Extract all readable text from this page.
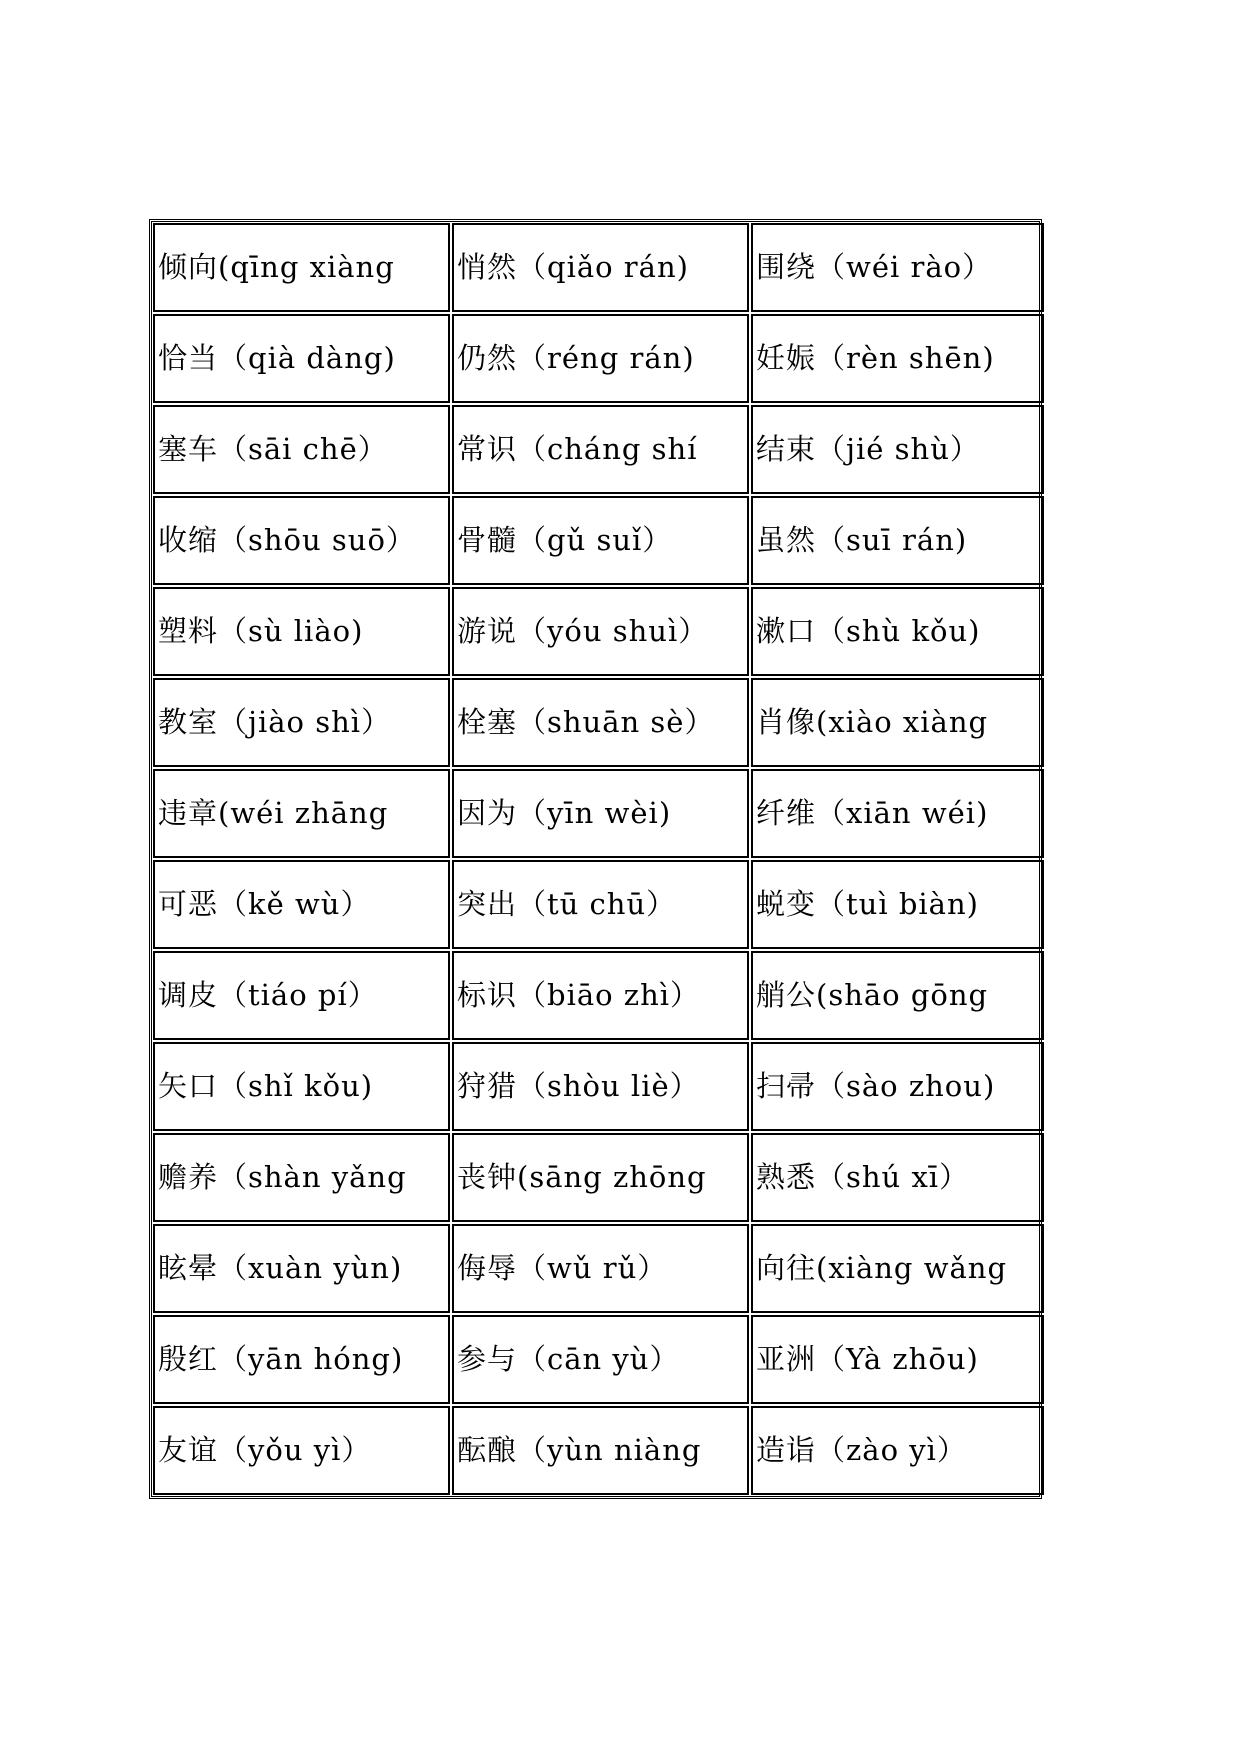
倾向(qīng xiàng	悄然（qiǎo rán)	围绕（wéi rào）
恰当（qià dàng)	仍然（réng rán)	妊娠（rèn shēn)
塞车（sāi chē）	常识（cháng shí	结束（jié shù）
收缩（shōu suō）	骨髓（gǔ suǐ）	虽然（suī rán)
塑料（sù liào)	游说（yóu shuì）	漱口（shù kǒu)
教室（jiào shì）	栓塞（shuān sè）	肖像(xiào xiàng
违章(wéi zhāng	因为（yīn wèi)	纤维（xiān wéi)
可恶（kě wù）	突出（tū chū）	蜕变（tuì biàn)
调皮（tiáo pí）	标识（biāo zhì）	艄公(shāo gōng
矢口（shǐ kǒu)	狩猎（shòu liè）	扫帚（sào zhou)
赡养（shàn yǎng	丧钟(sāng zhōng	熟悉（shú xī）
眩晕（xuàn yùn)	侮辱（wǔ rǔ）	向往(xiàng wǎng
殷红（yān hóng)	参与（cān yù）	亚洲（Yà zhōu)
友谊（yǒu yì）	酝酿（yùn niàng	造诣（zào yì）
